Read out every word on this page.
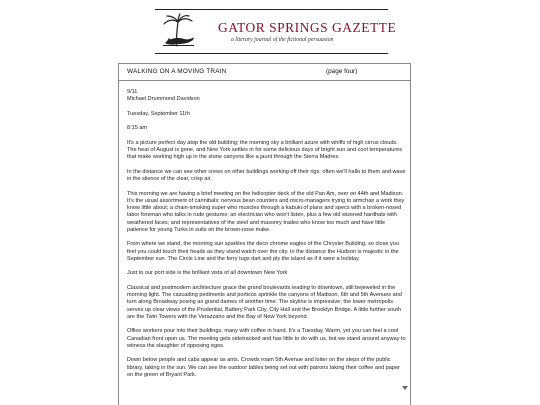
GATOR SPRINGS GAZETTE
a literary journal of the fictional persuasion
WALKING ON A MOVING TRAIN	(page four)
9/11
Michael Drummond Davidson

Tuesday, September 11th

8:15 am

It's a picture perfect day atop the old building; the morning sky a brilliant azure with whiffs of high cirrus clouds. The heat of August is gone, and New York settles in for some delicious days of bright sun and cool temperatures that make working high up in the stone canyons like a jaunt through the Sierra Madres.

In the distance we can see other crews on other buildings working off their rigs; often we'll hallo to them and wave in the silence of the clear, crisp air.

This morning we are having a brief meeting on the helicopter deck of the old Pan Am, over on 44th and Madison. It's the usual assortment of cannibals: nervous bean counters and micro-managers trying to armchair a work they know little about; a chain-smoking super who muscles through a kabuki of plans and specs with a broken-nosed labor foreman who talks in rude gestures; an electrician who won't listen, plus a few old wizened hardhats with weathered faces; and representatives of the steel and masonry trades who know too much and have little patience for young Turks in suits on the brown-nose make.

From where we stand, the morning sun sparkles the deco chrome eagles of the Chrysler Building, so close you feel you could touch their heads as they stand watch over the city. In the distance the Hudson is majestic in the September sun. The Circle Line and the ferry tugs dart and ply the island as if it were a holiday.

Just to our port side is the brilliant vista of all downtown New York

Classical and postmodern architecture grace the grand boulevards leading to downtown, still bejeweled in the morning light. The cascading pediments and porticos sprinkle the canyons of Madison, 6th and 5th Avenues and turn along Broadway posing as grand dames of another time. The skyline is impressive; the lower metropolis serves up clear views of the Prudential, Battery Park City, City Hall and the Brooklyn Bridge. A little further south are the Twin Towers with the Verazzano and the Bay of New York beyond.

Office workers pour into their buildings, many with coffee in hand. It's a Tuesday. Warm, yet you can feel a cool Canadian front upon us. The meeting gets sidetracked and has little to do with us, but we stand around anyway to witness the slaughter of opposing egos.

Down below people and cabs appear as ants. Crowds roam 5th Avenue and loiter on the steps of the public library, taking in the sun. We can see the outdoor tables being set out with patrons taking their coffee and paper on the green of Bryant Park.
